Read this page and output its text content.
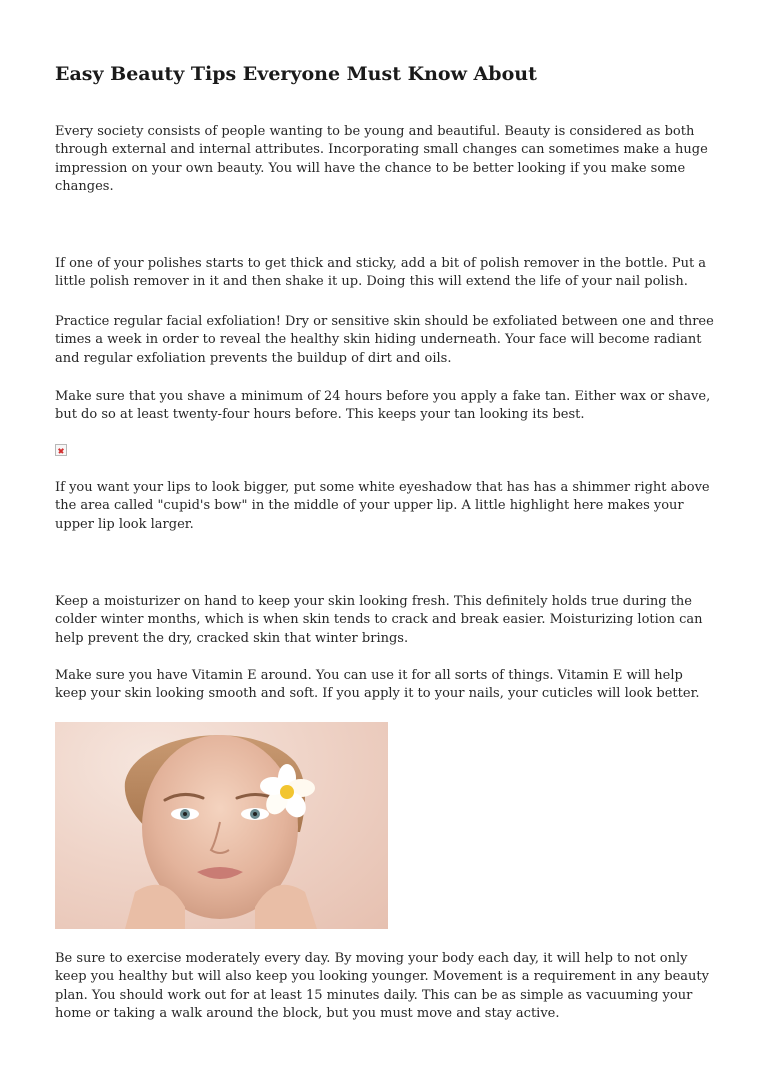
Easy Beauty Tips Everyone Must Know About

Every society consists of people wanting to be young and beautiful. Beauty is considered as both through external and internal attributes. Incorporating small changes can sometimes make a huge impression on your own beauty. You will have the chance to be better looking if you make some changes.

If one of your polishes starts to get thick and sticky, add a bit of polish remover in the bottle. Put a little polish remover in it and then shake it up. Doing this will extend the life of your nail polish.

Practice regular facial exfoliation! Dry or sensitive skin should be exfoliated between one and three times a week in order to reveal the healthy skin hiding underneath. Your face will become radiant and regular exfoliation prevents the buildup of dirt and oils.

Make sure that you shave a minimum of 24 hours before you apply a fake tan. Either wax or shave, but do so at least twenty-four hours before. This keeps your tan looking its best.

If you want your lips to look bigger, put some white eyeshadow that has has a shimmer right above the area called "cupid's bow" in the middle of your upper lip. A little highlight here makes your upper lip look larger.

Keep a moisturizer on hand to keep your skin looking fresh. This definitely holds true during the colder winter months, which is when skin tends to crack and break easier. Moisturizing lotion can help prevent the dry, cracked skin that winter brings.

Make sure you have Vitamin E around. You can use it for all sorts of things. Vitamin E will help keep your skin looking smooth and soft. If you apply it to your nails, your cuticles will look better.

Be sure to exercise moderately every day. By moving your body each day, it will help to not only keep you healthy but will also keep you looking younger. Movement is a requirement in any beauty plan. You should work out for at least 15 minutes daily. This can be as simple as vacuuming your home or taking a walk around the block, but you must move and stay active.
